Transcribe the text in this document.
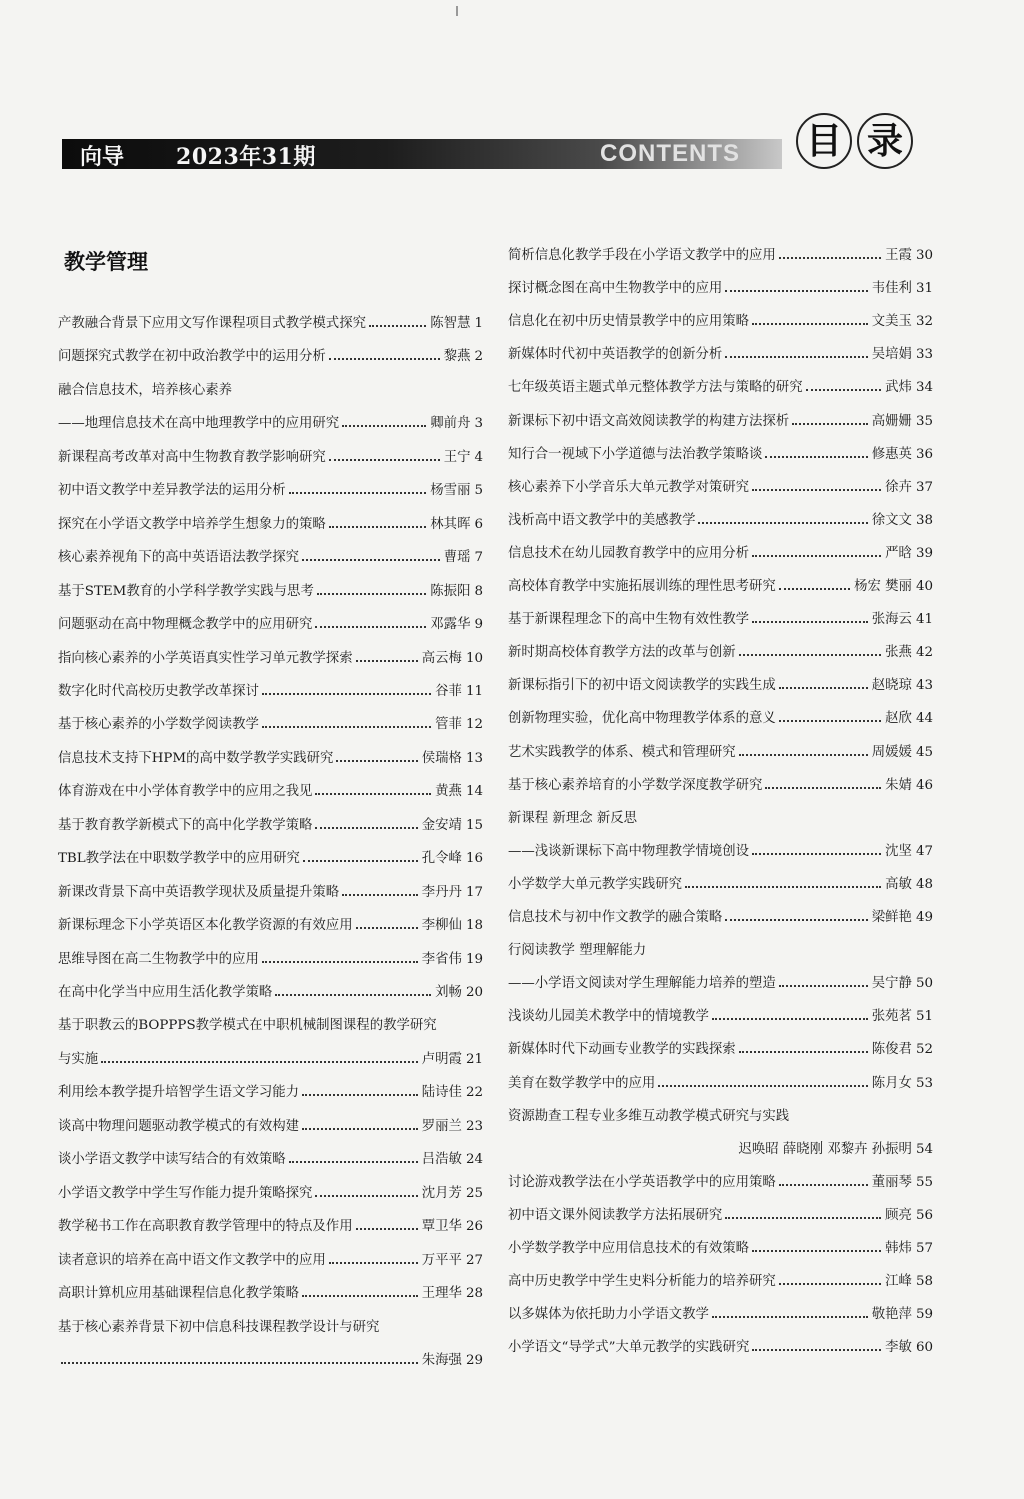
向导 2023年31期	CONTENTS 目 录
教学管理
产教融合背景下应用文写作课程项目式教学模式探究	陈智慧 1
问题探究式教学在初中政治教学中的运用分析	黎燕 2
融合信息技术，培养核心素养
——地理信息技术在高中地理教学中的应用研究	卿前舟 3
新课程高考改革对高中生物教育教学影响研究	王宁 4
初中语文教学中差异教学法的运用分析	杨雪丽 5
探究在小学语文教学中培养学生想象力的策略	林其晖 6
核心素养视角下的高中英语语法教学探究	曹瑶 7
基于STEM教育的小学科学教学实践与思考	陈振阳 8
问题驱动在高中物理概念教学中的应用研究	邓露华 9
指向核心素养的小学英语真实性学习单元教学探索	高云梅 10
数字化时代高校历史教学改革探讨	谷菲 11
基于核心素养的小学数学阅读教学	管菲 12
信息技术支持下HPM的高中数学教学实践研究	侯瑞格 13
体育游戏在中小学体育教学中的应用之我见	黄燕 14
基于教育教学新模式下的高中化学教学策略	金安靖 15
TBL教学法在中职数学教学中的应用研究	孔令峰 16
新课改背景下高中英语教学现状及质量提升策略	李丹丹 17
新课标理念下小学英语区本化教学资源的有效应用	李柳仙 18
思维导图在高二生物教学中的应用	李省伟 19
在高中化学当中应用生活化教学策略	刘畅 20
基于职教云的BOPPPS教学模式在中职机械制图课程的教学研究
与实施	卢明霞 21
利用绘本教学提升培智学生语文学习能力	陆诗佳 22
谈高中物理问题驱动教学模式的有效构建	罗丽兰 23
谈小学语文教学中读写结合的有效策略	吕浩敏 24
小学语文教学中学生写作能力提升策略探究	沈月芳 25
教学秘书工作在高职教育教学管理中的特点及作用	覃卫华 26
读者意识的培养在高中语文作文教学中的应用	万平平 27
高职计算机应用基础课程信息化教学策略	王理华 28
基于核心素养背景下初中信息科技课程教学设计与研究
朱海强 29
简析信息化教学手段在小学语文教学中的应用	王霞 30
探讨概念图在高中生物教学中的应用	韦佳利 31
信息化在初中历史情景教学中的应用策略	文美玉 32
新媒体时代初中英语教学的创新分析	吴培娟 33
七年级英语主题式单元整体教学方法与策略的研究	武炜 34
新课标下初中语文高效阅读教学的构建方法探析	高姗姗 35
知行合一视域下小学道德与法治教学策略谈	修惠英 36
核心素养下小学音乐大单元教学对策研究	徐卉 37
浅析高中语文教学中的美感教学	徐文文 38
信息技术在幼儿园教育教学中的应用分析	严晗 39
高校体育教学中实施拓展训练的理性思考研究	杨宏 樊丽 40
基于新课程理念下的高中生物有效性教学	张海云 41
新时期高校体育教学方法的改革与创新	张燕 42
新课标指引下的初中语文阅读教学的实践生成	赵晓琼 43
创新物理实验，优化高中物理教学体系的意义	赵欣 44
艺术实践教学的体系、模式和管理研究	周媛媛 45
基于核心素养培育的小学数学深度教学研究	朱婧 46
新课程 新理念 新反思
——浅谈新课标下高中物理教学情境创设	沈坚 47
小学数学大单元教学实践研究	高敏 48
信息技术与初中作文教学的融合策略	梁鲜艳 49
行阅读教学 塑理解能力
——小学语文阅读对学生理解能力培养的塑造	吴宁静 50
浅谈幼儿园美术教学中的情境教学	张苑茗 51
新媒体时代下动画专业教学的实践探索	陈俊君 52
美育在数学教学中的应用	陈月女 53
资源勘查工程专业多维互动教学模式研究与实践
迟唤昭 薛晓刚 邓黎卉 孙振明 54
讨论游戏教学法在小学英语教学中的应用策略	董丽琴 55
初中语文课外阅读教学方法拓展研究	顾亮 56
小学数学教学中应用信息技术的有效策略	韩炜 57
高中历史教学中学生史料分析能力的培养研究	江峰 58
以多媒体为依托助力小学语文教学	敬艳萍 59
小学语文“导学式”大单元教学的实践研究	李敏 60
